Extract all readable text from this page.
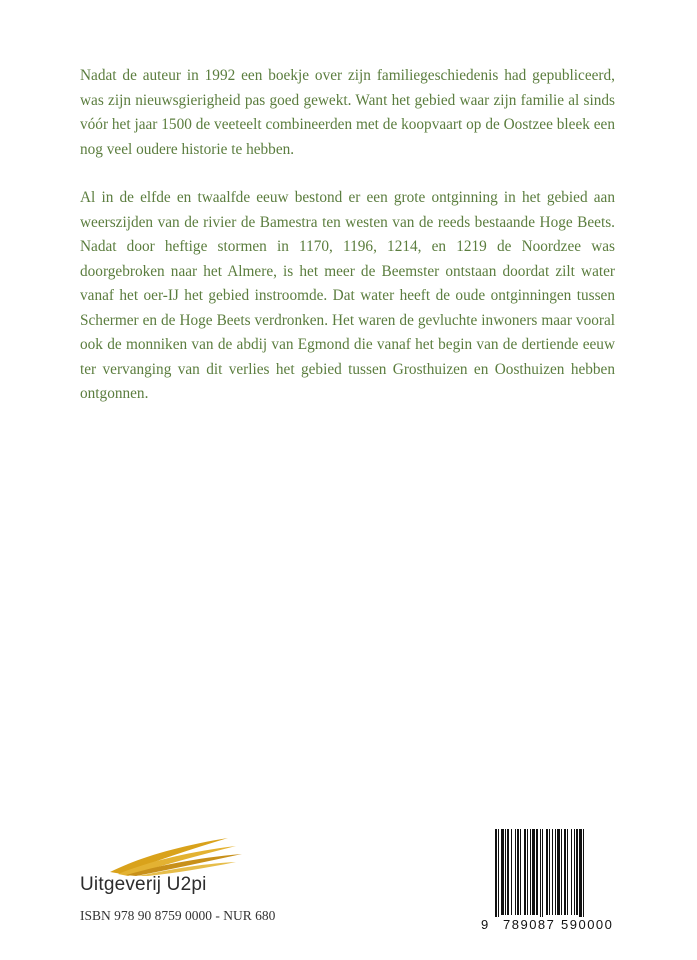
Nadat de auteur in 1992 een boekje over zijn familiegeschiedenis had gepubliceerd, was zijn nieuwsgierigheid pas goed gewekt. Want het gebied waar zijn familie al sinds vóór het jaar 1500 de veeteelt combineerden met de koopvaart op de Oostzee bleek een nog veel oudere historie te hebben.

Al in de elfde en twaalfde eeuw bestond er een grote ontginning in het gebied aan weerszijden van de rivier de Bamestra ten westen van de reeds bestaande Hoge Beets. Nadat door heftige stormen in 1170, 1196, 1214, en 1219 de Noordzee was doorgebroken naar het Almere, is het meer de Beemster ontstaan doordat zilt water vanaf het oer-IJ het gebied instroomde. Dat water heeft de oude ontginningen tussen Schermer en de Hoge Beets verdronken. Het waren de gevluchte inwoners maar vooral ook de monniken van de abdij van Egmond die vanaf het begin van de dertiende eeuw ter vervanging van dit verlies het gebied tussen Grosthuizen en Oosthuizen hebben ontgonnen.

Uitgeverij U2pi
ISBN 978 90 8759 0000 - NUR 680
9 789087 590000
